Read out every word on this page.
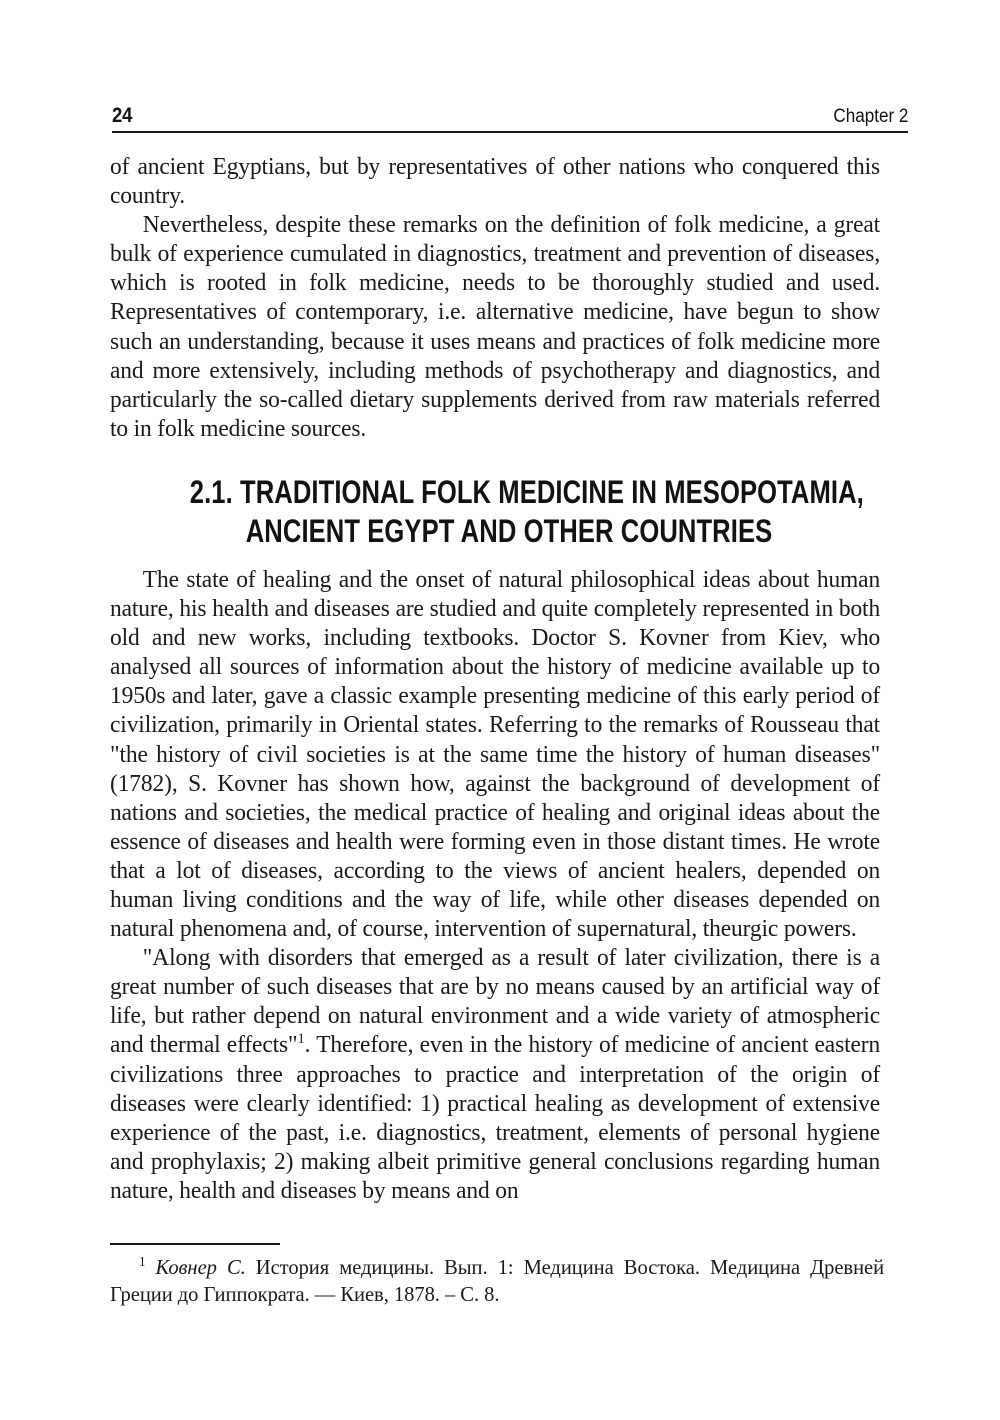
24	Chapter 2

of ancient Egyptians, but by representatives of other nations who conquered this country.

Nevertheless, despite these remarks on the definition of folk medicine, a great bulk of experience cumulated in diagnostics, treatment and prevention of diseases, which is rooted in folk medicine, needs to be thoroughly studied and used. Representatives of contemporary, i.e. alternative medicine, have begun to show such an understanding, because it uses means and practices of folk medicine more and more extensively, including methods of psychotherapy and diagnostics, and particularly the so-called dietary supplements derived from raw materials referred to in folk medicine sources.

2.1. TRADITIONAL FOLK MEDICINE IN MESOPOTAMIA,
ANCIENT EGYPT AND OTHER COUNTRIES

The state of healing and the onset of natural philosophical ideas about human nature, his health and diseases are studied and quite completely represented in both old and new works, including textbooks. Doctor S. Kovner from Kiev, who analysed all sources of information about the history of medicine available up to 1950s and later, gave a classic example presenting medicine of this early period of civilization, primarily in Oriental states. Referring to the remarks of Rousseau that "the history of civil societies is at the same time the history of human diseases" (1782), S. Kovner has shown how, against the background of development of nations and societies, the medical practice of healing and original ideas about the essence of diseases and health were forming even in those distant times. He wrote that a lot of diseases, according to the views of ancient healers, depended on human living conditions and the way of life, while other diseases depended on natural phenomena and, of course, intervention of supernatural, theurgic powers.

"Along with disorders that emerged as a result of later civilization, there is a great number of such diseases that are by no means caused by an artificial way of life, but rather depend on natural environment and a wide variety of atmospheric and thermal effects"$^1$. Therefore, even in the history of medicine of ancient eastern civilizations three approaches to practice and interpretation of the origin of diseases were clearly identified: 1) practical healing as development of extensive experience of the past, i.e. diagnostics, treatment, elements of personal hygiene and prophylaxis; 2) making albeit primitive general conclusions regarding human nature, health and diseases by means and on

$^1$ Ковнер С. История медицины. Вып. 1: Медицина Востока. Медицина Древней Греции до Гиппократа. — Киев, 1878. – С. 8.
